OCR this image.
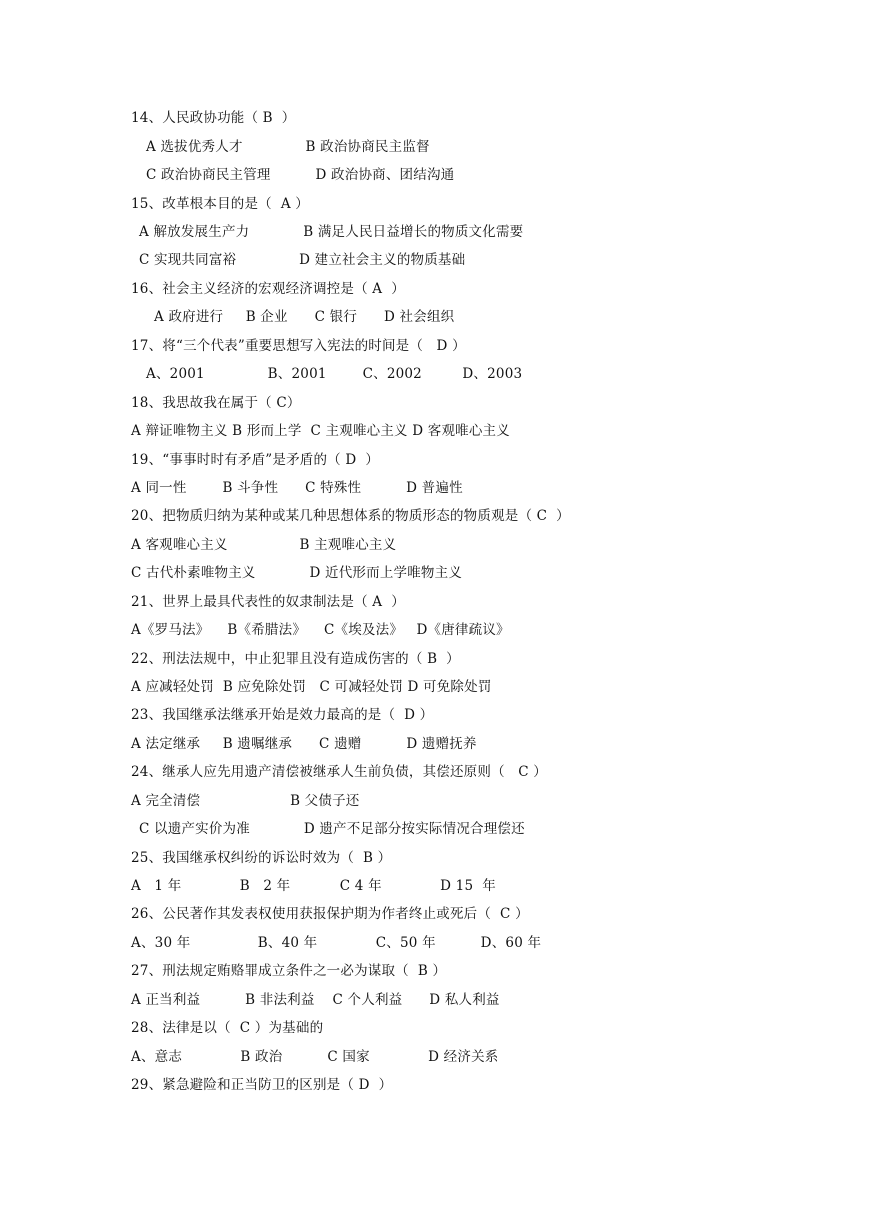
14、人民政协功能（ B  ）
A 选拔优秀人才              B 政治协商民主监督
C 政治协商民主管理          D 政治协商、团结沟通
15、改革根本目的是（  A ）
A 解放发展生产力            B 满足人民日益增长的物质文化需要
C 实现共同富裕              D 建立社会主义的物质基础
16、社会主义经济的宏观经济调控是（ A  ）
A 政府进行     B 企业      C 银行      D 社会组织
17、将“三个代表”重要思想写入宪法的时间是（   D ）
A、2001              B、2001        C、2002         D、2003
18、我思故我在属于（ C）
A 辩证唯物主义 B 形而上学  C 主观唯心主义 D 客观唯心主义
19、“事事时时有矛盾”是矛盾的（ D  ）
A 同一性        B 斗争性      C 特殊性          D 普遍性
20、把物质归纳为某种或某几种思想体系的物质形态的物质观是（ C  ）
A 客观唯心主义                B 主观唯心主义
C 古代朴素唯物主义            D 近代形而上学唯物主义
21、世界上最具代表性的奴隶制法是（ A  ）
A《罗马法》    B《希腊法》    C《埃及法》   D《唐律疏议》
22、刑法法规中，中止犯罪且没有造成伤害的（ B  ）
A 应减轻处罚  B 应免除处罚   C 可减轻处罚 D 可免除处罚
23、我国继承法继承开始是效力最高的是（  D ）
A 法定继承     B 遗嘱继承      C 遗赠          D 遗赠抚养
24、继承人应先用遗产清偿被继承人生前负债，其偿还原则（   C ）
A 完全清偿                    B 父债子还
C 以遗产实价为准            D 遗产不足部分按实际情况合理偿还
25、我国继承权纠纷的诉讼时效为（  B ）
A   1 年             B   2 年           C 4 年             D 15  年
26、公民著作其发表权使用获报保护期为作者终止或死后（  C ）
A、30 年               B、40 年             C、50 年          D、60 年
27、刑法规定贿赂罪成立条件之一必为谋取（  B ）
A 正当利益          B 非法利益    C 个人利益      D 私人利益
28、法律是以（  C ）为基础的
A、意志             B 政治          C 国家             D 经济关系
29、紧急避险和正当防卫的区别是（ D  ）
